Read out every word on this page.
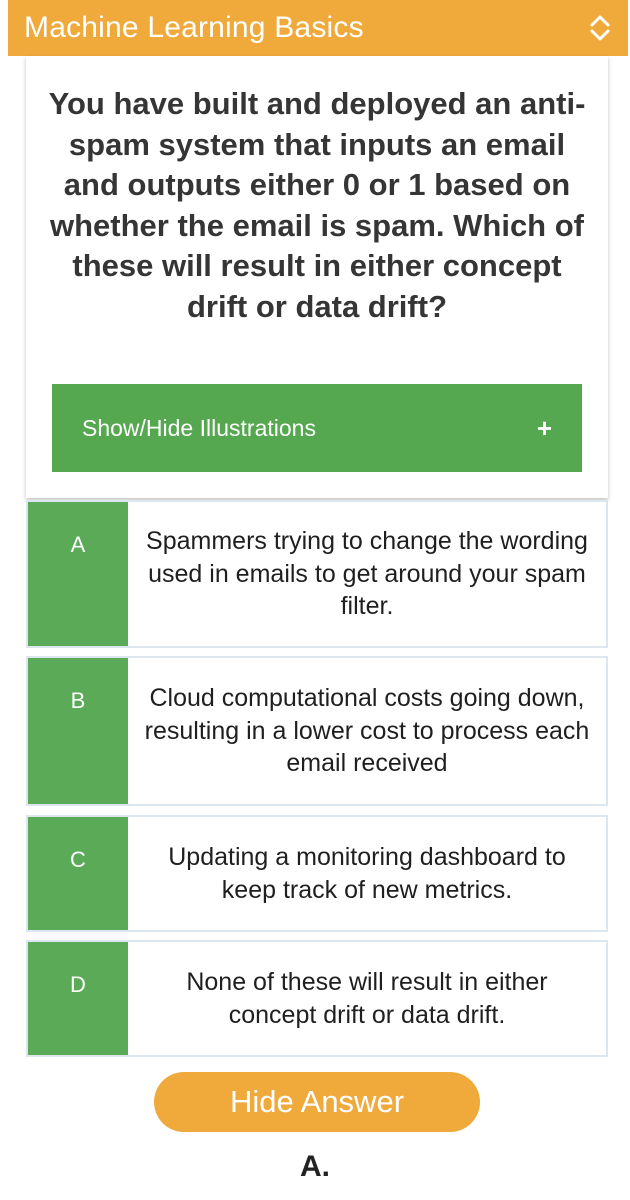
Machine Learning Basics

You have built and deployed an anti-spam system that inputs an email and outputs either 0 or 1 based on whether the email is spam. Which of these will result in either concept drift or data drift?

Show/Hide Illustrations	+
A	Spammers trying to change the wording used in emails to get around your spam filter.
B	Cloud computational costs going down, resulting in a lower cost to process each email received
C	Updating a monitoring dashboard to keep track of new metrics.
D	None of these will result in either concept drift or data drift.
Hide Answer
A.
